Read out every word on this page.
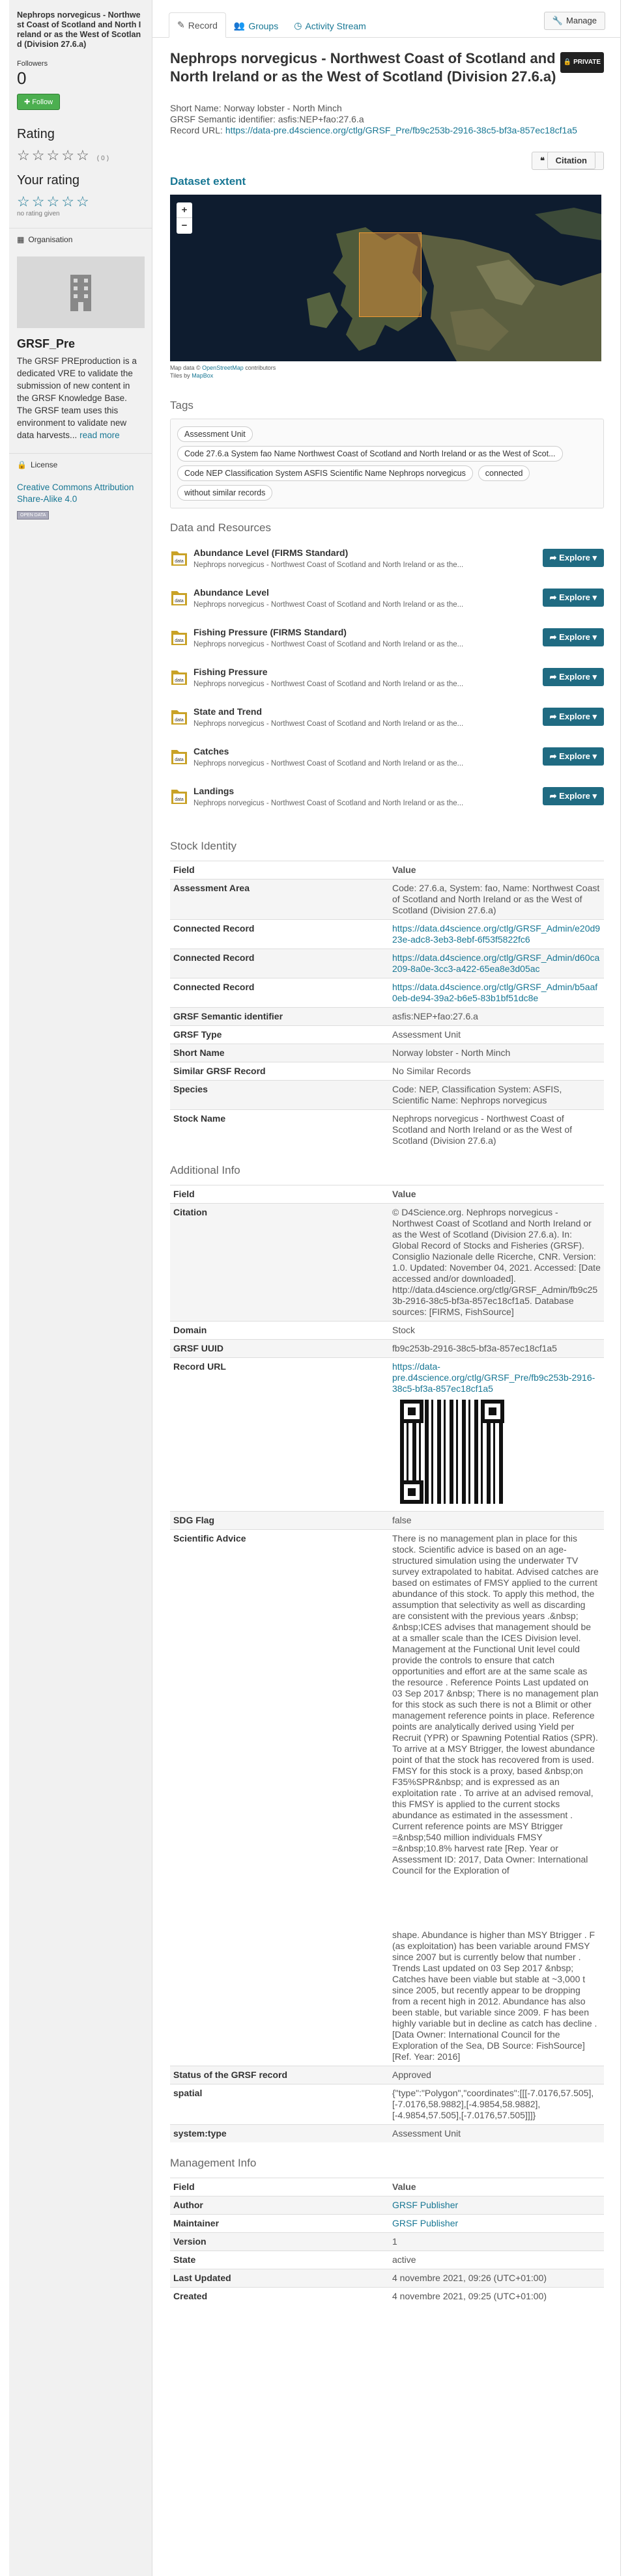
Nephrops norvegicus - Northwest Coast of Scotland and North Ireland or as the West of Scotland (Division 27.6.a)
Followers
0
✚ Follow
Rating
☆☆☆☆☆ (0)
Your rating
☆☆☆☆☆
no rating given
▦ Organisation
GRSF_Pre
The GRSF PREproduction is a dedicated VRE to validate the submission of new content in the GRSF Knowledge Base. The GRSF team uses this environment to validate new data harvests... read more
🔒 License
Creative Commons Attribution Share-Alike 4.0
OPEN DATA
✎ Record 👥 Groups ◷ Activity Stream	🔧 Manage
Nephrops norvegicus - Northwest Coast of Scotland and North Ireland or as the West of Scotland (Division 27.6.a)
🔒 PRIVATE
Short Name: Norway lobster - North Minch
GRSF Semantic identifier: asfis:NEP+fao:27.6.a
Record URL: https://data-pre.d4science.org/ctlg/GRSF_Pre/fb9c253b-2916-38c5-bf3a-857ec18cf1a5
❝ Citation
Dataset extent
+
−
Map data © OpenStreetMap contributors
Tiles by MapBox
Tags
Assessment Unit
Code 27.6.a System fao Name Northwest Coast of Scotland and North Ireland or as the West of Scot...
Code NEP Classification System ASFIS Scientific Name Nephrops norvegicus connected
without similar records
Data and Resources
data
Abundance Level (FIRMS Standard)
Nephrops norvegicus - Northwest Coast of Scotland and North Ireland or as the...
➦ Explore ▾
data
Abundance Level
Nephrops norvegicus - Northwest Coast of Scotland and North Ireland or as the...
➦ Explore ▾
data
Fishing Pressure (FIRMS Standard)
Nephrops norvegicus - Northwest Coast of Scotland and North Ireland or as the...
➦ Explore ▾
data
Fishing Pressure
Nephrops norvegicus - Northwest Coast of Scotland and North Ireland or as the...
➦ Explore ▾
data
State and Trend
Nephrops norvegicus - Northwest Coast of Scotland and North Ireland or as the...
➦ Explore ▾
data
Catches
Nephrops norvegicus - Northwest Coast of Scotland and North Ireland or as the...
➦ Explore ▾
data
Landings
Nephrops norvegicus - Northwest Coast of Scotland and North Ireland or as the...
➦ Explore ▾
Stock Identity
Field	Value
Assessment Area	Code: 27.6.a, System: fao, Name: Northwest Coast of Scotland and North Ireland or as the West of Scotland (Division 27.6.a)
Connected Record	https://data.d4science.org/ctlg/GRSF_Admin/e20d923e-adc8-3eb3-8ebf-6f53f5822fc6
Connected Record	https://data.d4science.org/ctlg/GRSF_Admin/d60ca209-8a0e-3cc3-a422-65ea8e3d05ac
Connected Record	https://data.d4science.org/ctlg/GRSF_Admin/b5aaf0eb-de94-39a2-b6e5-83b1bf51dc8e
GRSF Semantic identifier	asfis:NEP+fao:27.6.a
GRSF Type	Assessment Unit
Short Name	Norway lobster - North Minch
Similar GRSF Record	No Similar Records
Species	Code: NEP, Classification System: ASFIS, Scientific Name: Nephrops norvegicus
Stock Name	Nephrops norvegicus - Northwest Coast of Scotland and North Ireland or as the West of Scotland (Division 27.6.a)
Additional Info
Field	Value
Citation	© D4Science.org. Nephrops norvegicus - Northwest Coast of Scotland and North Ireland or as the West of Scotland (Division 27.6.a). In: Global Record of Stocks and Fisheries (GRSF). Consiglio Nazionale delle Ricerche, CNR. Version: 1.0. Updated: November 04, 2021. Accessed: [Date accessed and/or downloaded]. http://data.d4science.org/ctlg/GRSF_Admin/fb9c253b-2916-38c5-bf3a-857ec18cf1a5. Database sources: [FIRMS, FishSource]
Domain	Stock
GRSF UUID	fb9c253b-2916-38c5-bf3a-857ec18cf1a5
Record URL	https://data-pre.d4science.org/ctlg/GRSF_Pre/fb9c253b-2916-38c5-bf3a-857ec18cf1a5

SDG Flag	false
Scientific Advice	There is no management plan in place for this stock. Scientific advice is based on an age-structured simulation using the underwater TV survey extrapolated to habitat. Advised catches are based on estimates of FMSY applied to the current abundance of this stock. To apply this method, the assumption that selectivity as well as discarding are consistent with the previous years .&nbsp; &nbsp;ICES advises that management should be at a smaller scale than the ICES Division level. Management at the Functional Unit level could provide the controls to ensure that catch opportunities and effort are at the same scale as the resource . Reference Points Last updated on 03 Sep 2017 &nbsp; There is no management plan for this stock as such there is not a Blimit or other management reference points in place. Reference points are analytically derived using Yield per Recruit (YPR) or Spawning Potential Ratios (SPR). To arrive at a MSY Btrigger, the lowest abundance point of that the stock has recovered from is used. FMSY for this stock is a proxy, based &nbsp;on F35%SPR&nbsp; and is expressed as an exploitation rate . To arrive at an advised removal, this FMSY is applied to the current stocks abundance as estimated in the assessment . Current reference points are MSY Btrigger =&nbsp;540 million individuals FMSY =&nbsp;10.8% harvest rate [Rep. Year or Assessment ID: 2017, Data Owner: International Council for the Exploration of
shape. Abundance is higher than MSY Btrigger . F (as exploitation) has been variable around FMSY since 2007 but is currently below that number . Trends Last updated on 03 Sep 2017 &nbsp; Catches have been viable but stable at ~3,000 t since 2005, but recently appear to be dropping from a recent high in 2012. Abundance has also been stable, but variable since 2009. F has been highly variable but in decline as catch has decline . [Data Owner: International Council for the Exploration of the Sea, DB Source: FishSource] [Ref. Year: 2016]

Status of the GRSF record	Approved
spatial	{"type":"Polygon","coordinates":[[[-7.0176,57.505],[-7.0176,58.9882],[-4.9854,58.9882],[-4.9854,57.505],[-7.0176,57.505]]]}
system:type	Assessment Unit
Management Info
Field	Value
Author	GRSF Publisher
Maintainer	GRSF Publisher
Version	1
State	active
Last Updated	4 novembre 2021, 09:26 (UTC+01:00)
Created	4 novembre 2021, 09:25 (UTC+01:00)
